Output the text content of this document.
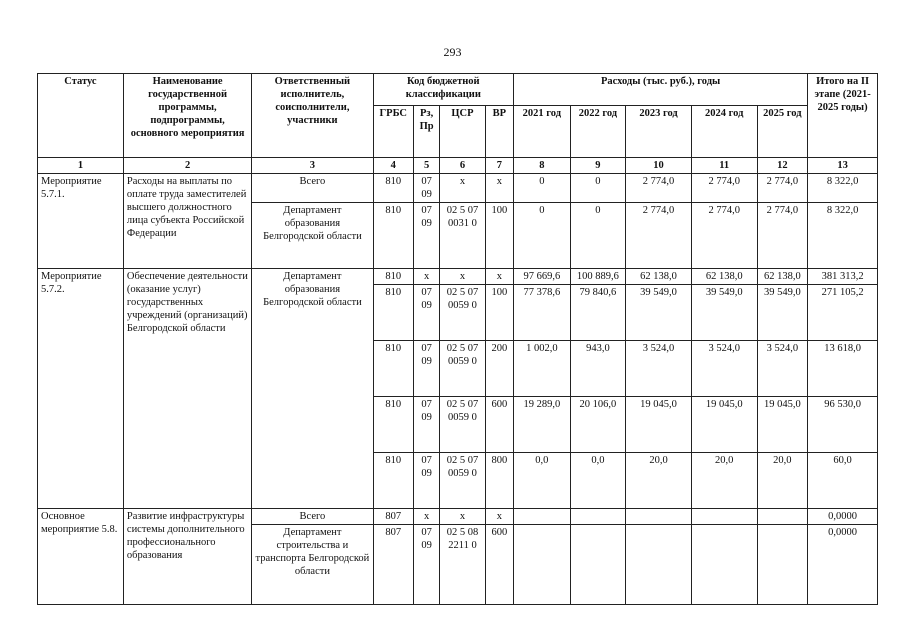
293
Статус	Наименование государственной программы, подпрограммы, основного мероприятия	Ответственный исполнитель, соисполнители, участники	Код бюджетной классификации				Расходы (тыс. руб.), годы					Итого на II этапе (2021-2025 годы)
			ГРБС	Рз, Пр	ЦСР	ВР	2021 год	2022 год	2023 год	2024 год	2025 год	
1	2	3	4	5	6	7	8	9	10	11	12	13
Мероприятие 5.7.1.	Расходы на выплаты по оплате труда заместителей высшего должностного лица субъекта Российской Федерации	Всего	810	07 09	х	х	0	0	2 774,0	2 774,0	2 774,0	8 322,0
		Департамент образования Белгородской области	810	07 09	02 5 07 0031 0	100	0	0	2 774,0	2 774,0	2 774,0	8 322,0
Мероприятие 5.7.2.	Обеспечение деятельности (оказание услуг) государственных учреждений (организаций) Белгородской области	Департамент образования Белгородской области	810	х	х	х	97 669,6	100 889,6	62 138,0	62 138,0	62 138,0	381 313,2
			810	07 09	02 5 07 0059 0	100	77 378,6	79 840,6	39 549,0	39 549,0	39 549,0	271 105,2
			810	07 09	02 5 07 0059 0	200	1 002,0	943,0	3 524,0	3 524,0	3 524,0	13 618,0
			810	07 09	02 5 07 0059 0	600	19 289,0	20 106,0	19 045,0	19 045,0	19 045,0	96 530,0
			810	07 09	02 5 07 0059 0	800	0,0	0,0	20,0	20,0	20,0	60,0
Основное мероприятие 5.8.	Развитие инфраструктуры системы дополнительного профессионального образования	Всего	807	х	х	х						0,0000
		Департамент строительства и транспорта Белгородской области	807	07 09	02 5 08 2211 0	600						0,0000
